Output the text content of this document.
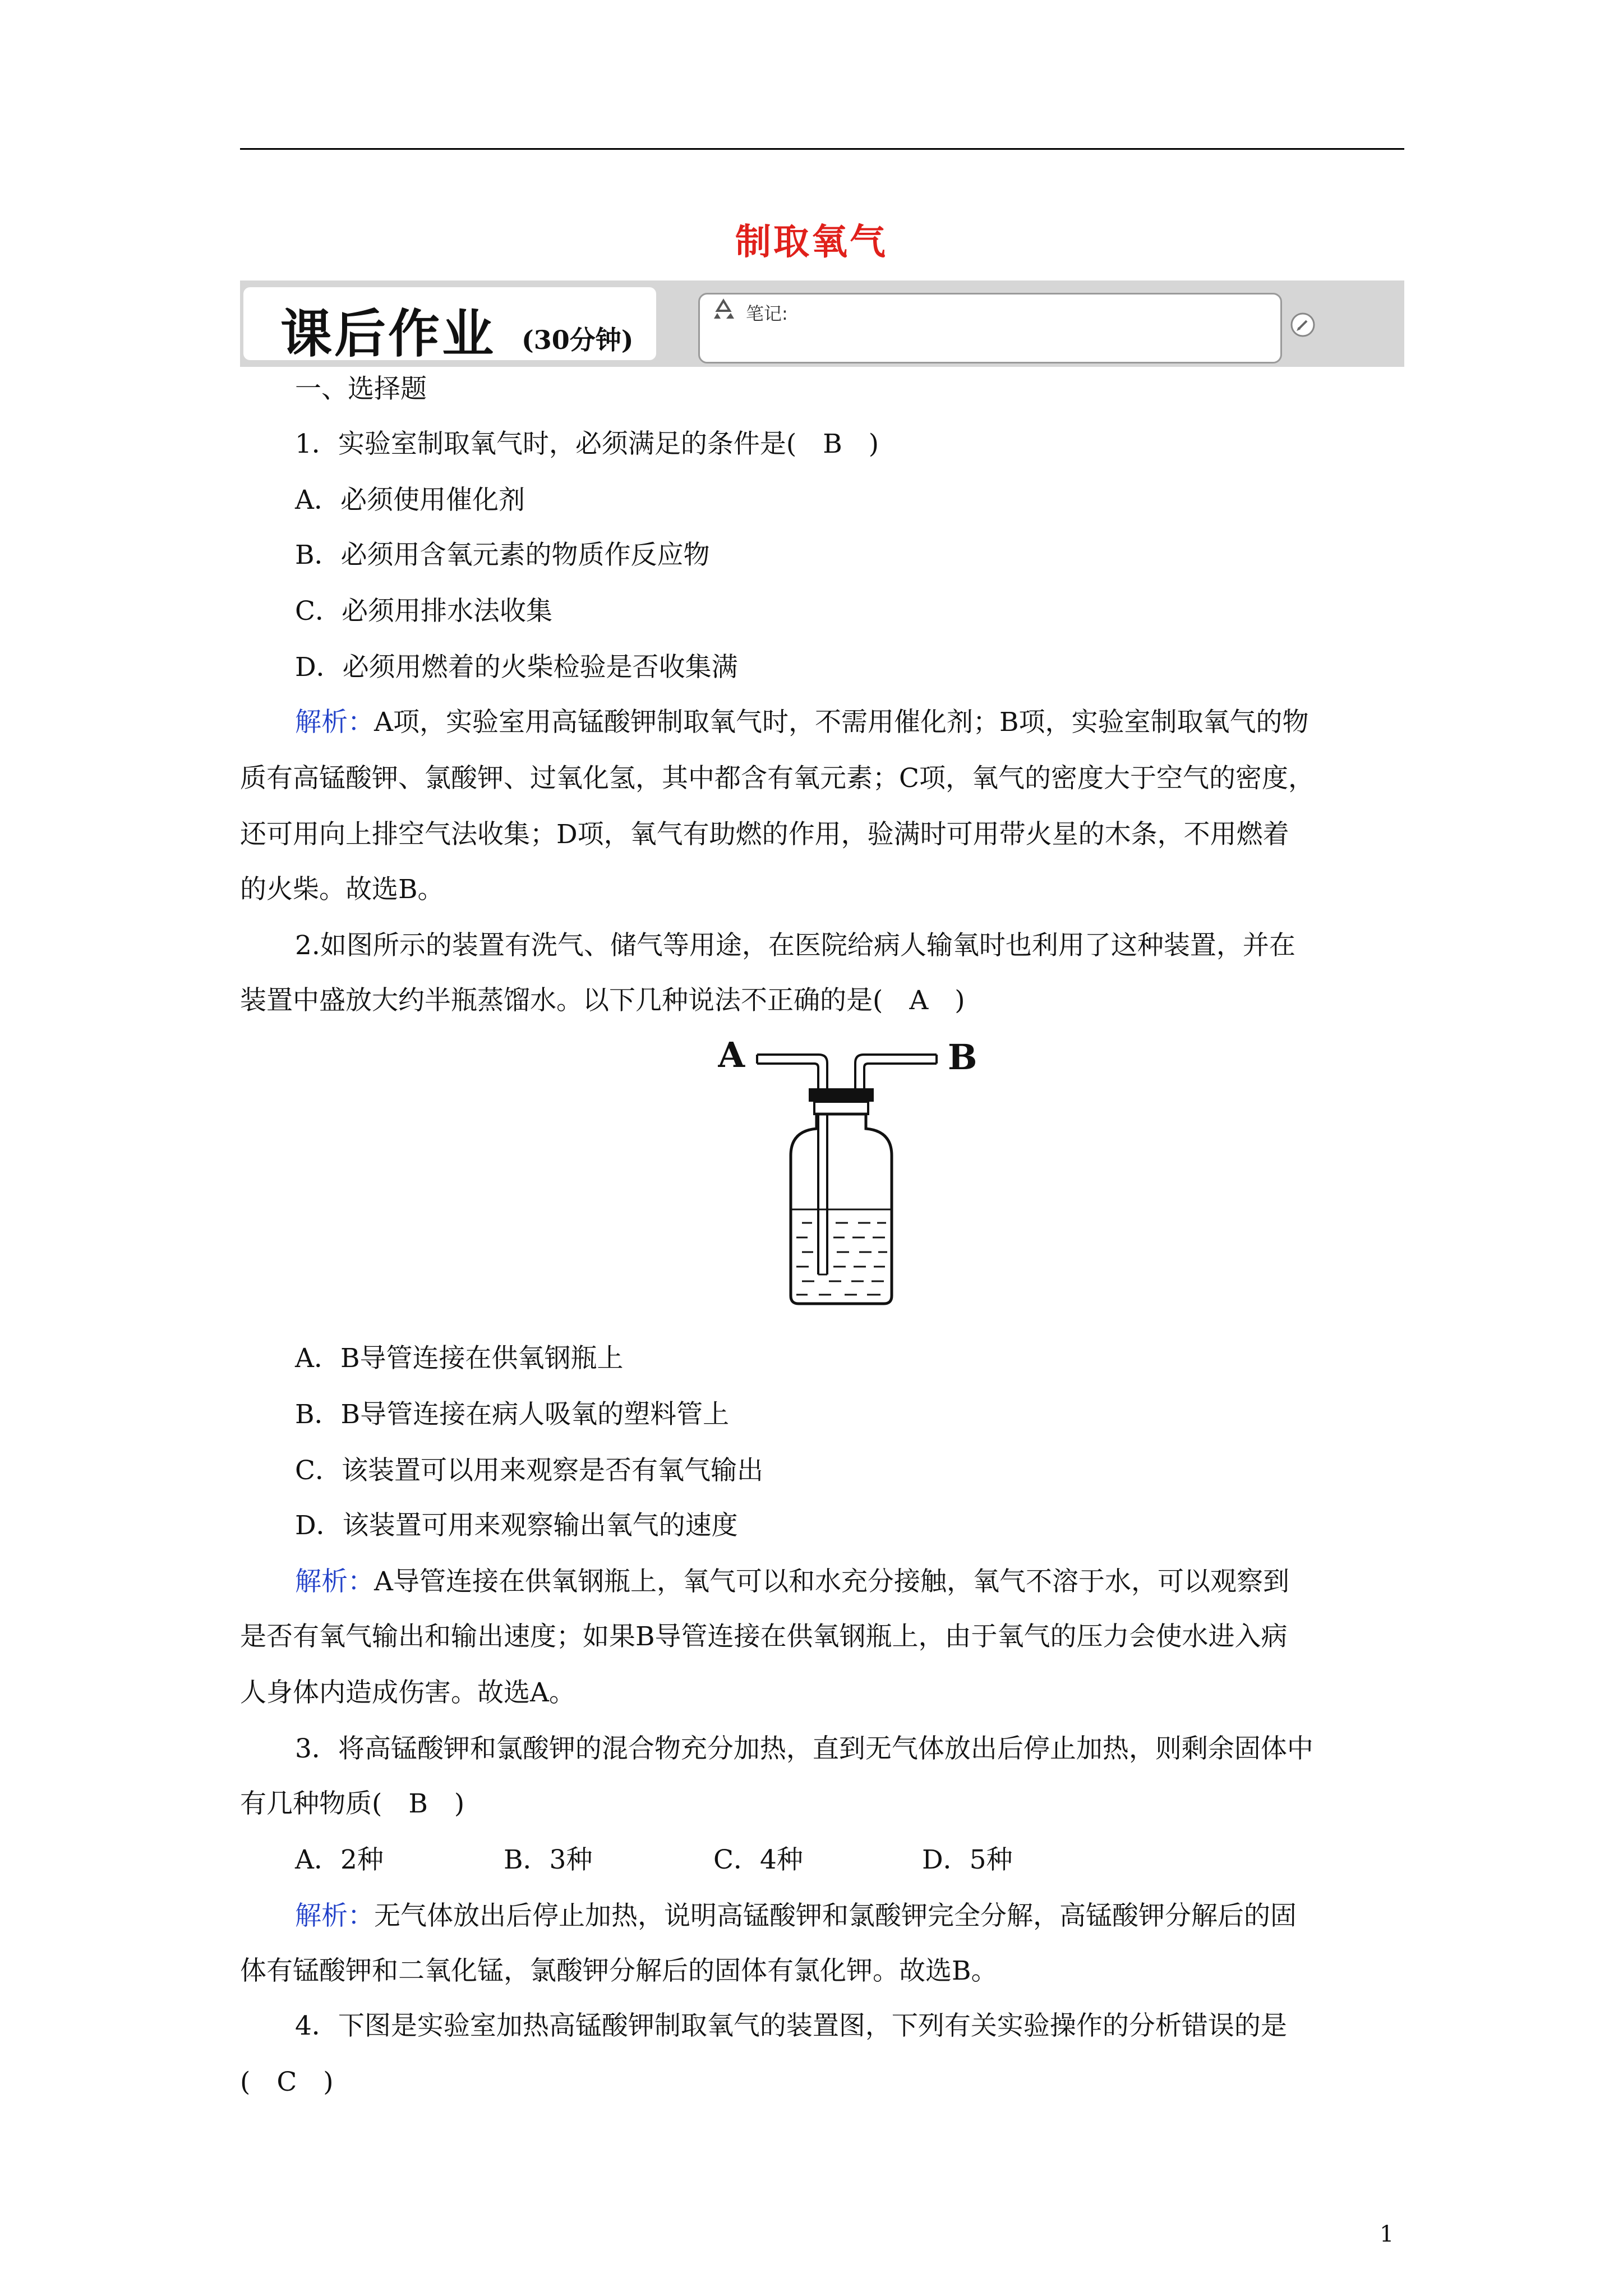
制取氧气
课后作业 (30分钟)
笔记:
一、选择题
1．实验室制取氧气时，必须满足的条件是(　B　)
A．必须使用催化剂
B．必须用含氧元素的物质作反应物
C．必须用排水法收集
D．必须用燃着的火柴检验是否收集满
解析：A项，实验室用高锰酸钾制取氧气时，不需用催化剂；B项，实验室制取氧气的物
质有高锰酸钾、氯酸钾、过氧化氢，其中都含有氧元素；C项，氧气的密度大于空气的密度，
还可用向上排空气法收集；D项，氧气有助燃的作用，验满时可用带火星的木条，不用燃着
的火柴。故选B。
2.如图所示的装置有洗气、储气等用途，在医院给病人输氧时也利用了这种装置，并在
装置中盛放大约半瓶蒸馏水。以下几种说法不正确的是(　A　)
A	B
A．B导管连接在供氧钢瓶上
B．B导管连接在病人吸氧的塑料管上
C．该装置可以用来观察是否有氧气输出
D．该装置可用来观察输出氧气的速度
解析：A导管连接在供氧钢瓶上，氧气可以和水充分接触，氧气不溶于水，可以观察到
是否有氧气输出和输出速度；如果B导管连接在供氧钢瓶上，由于氧气的压力会使水进入病
人身体内造成伤害。故选A。
3．将高锰酸钾和氯酸钾的混合物充分加热，直到无气体放出后停止加热，则剩余固体中
有几种物质(　B　)
A．2种	B．3种	C．4种	D．5种
解析：无气体放出后停止加热，说明高锰酸钾和氯酸钾完全分解，高锰酸钾分解后的固
体有锰酸钾和二氧化锰，氯酸钾分解后的固体有氯化钾。故选B。
4．下图是实验室加热高锰酸钾制取氧气的装置图，下列有关实验操作的分析错误的是
(　C　)
1
